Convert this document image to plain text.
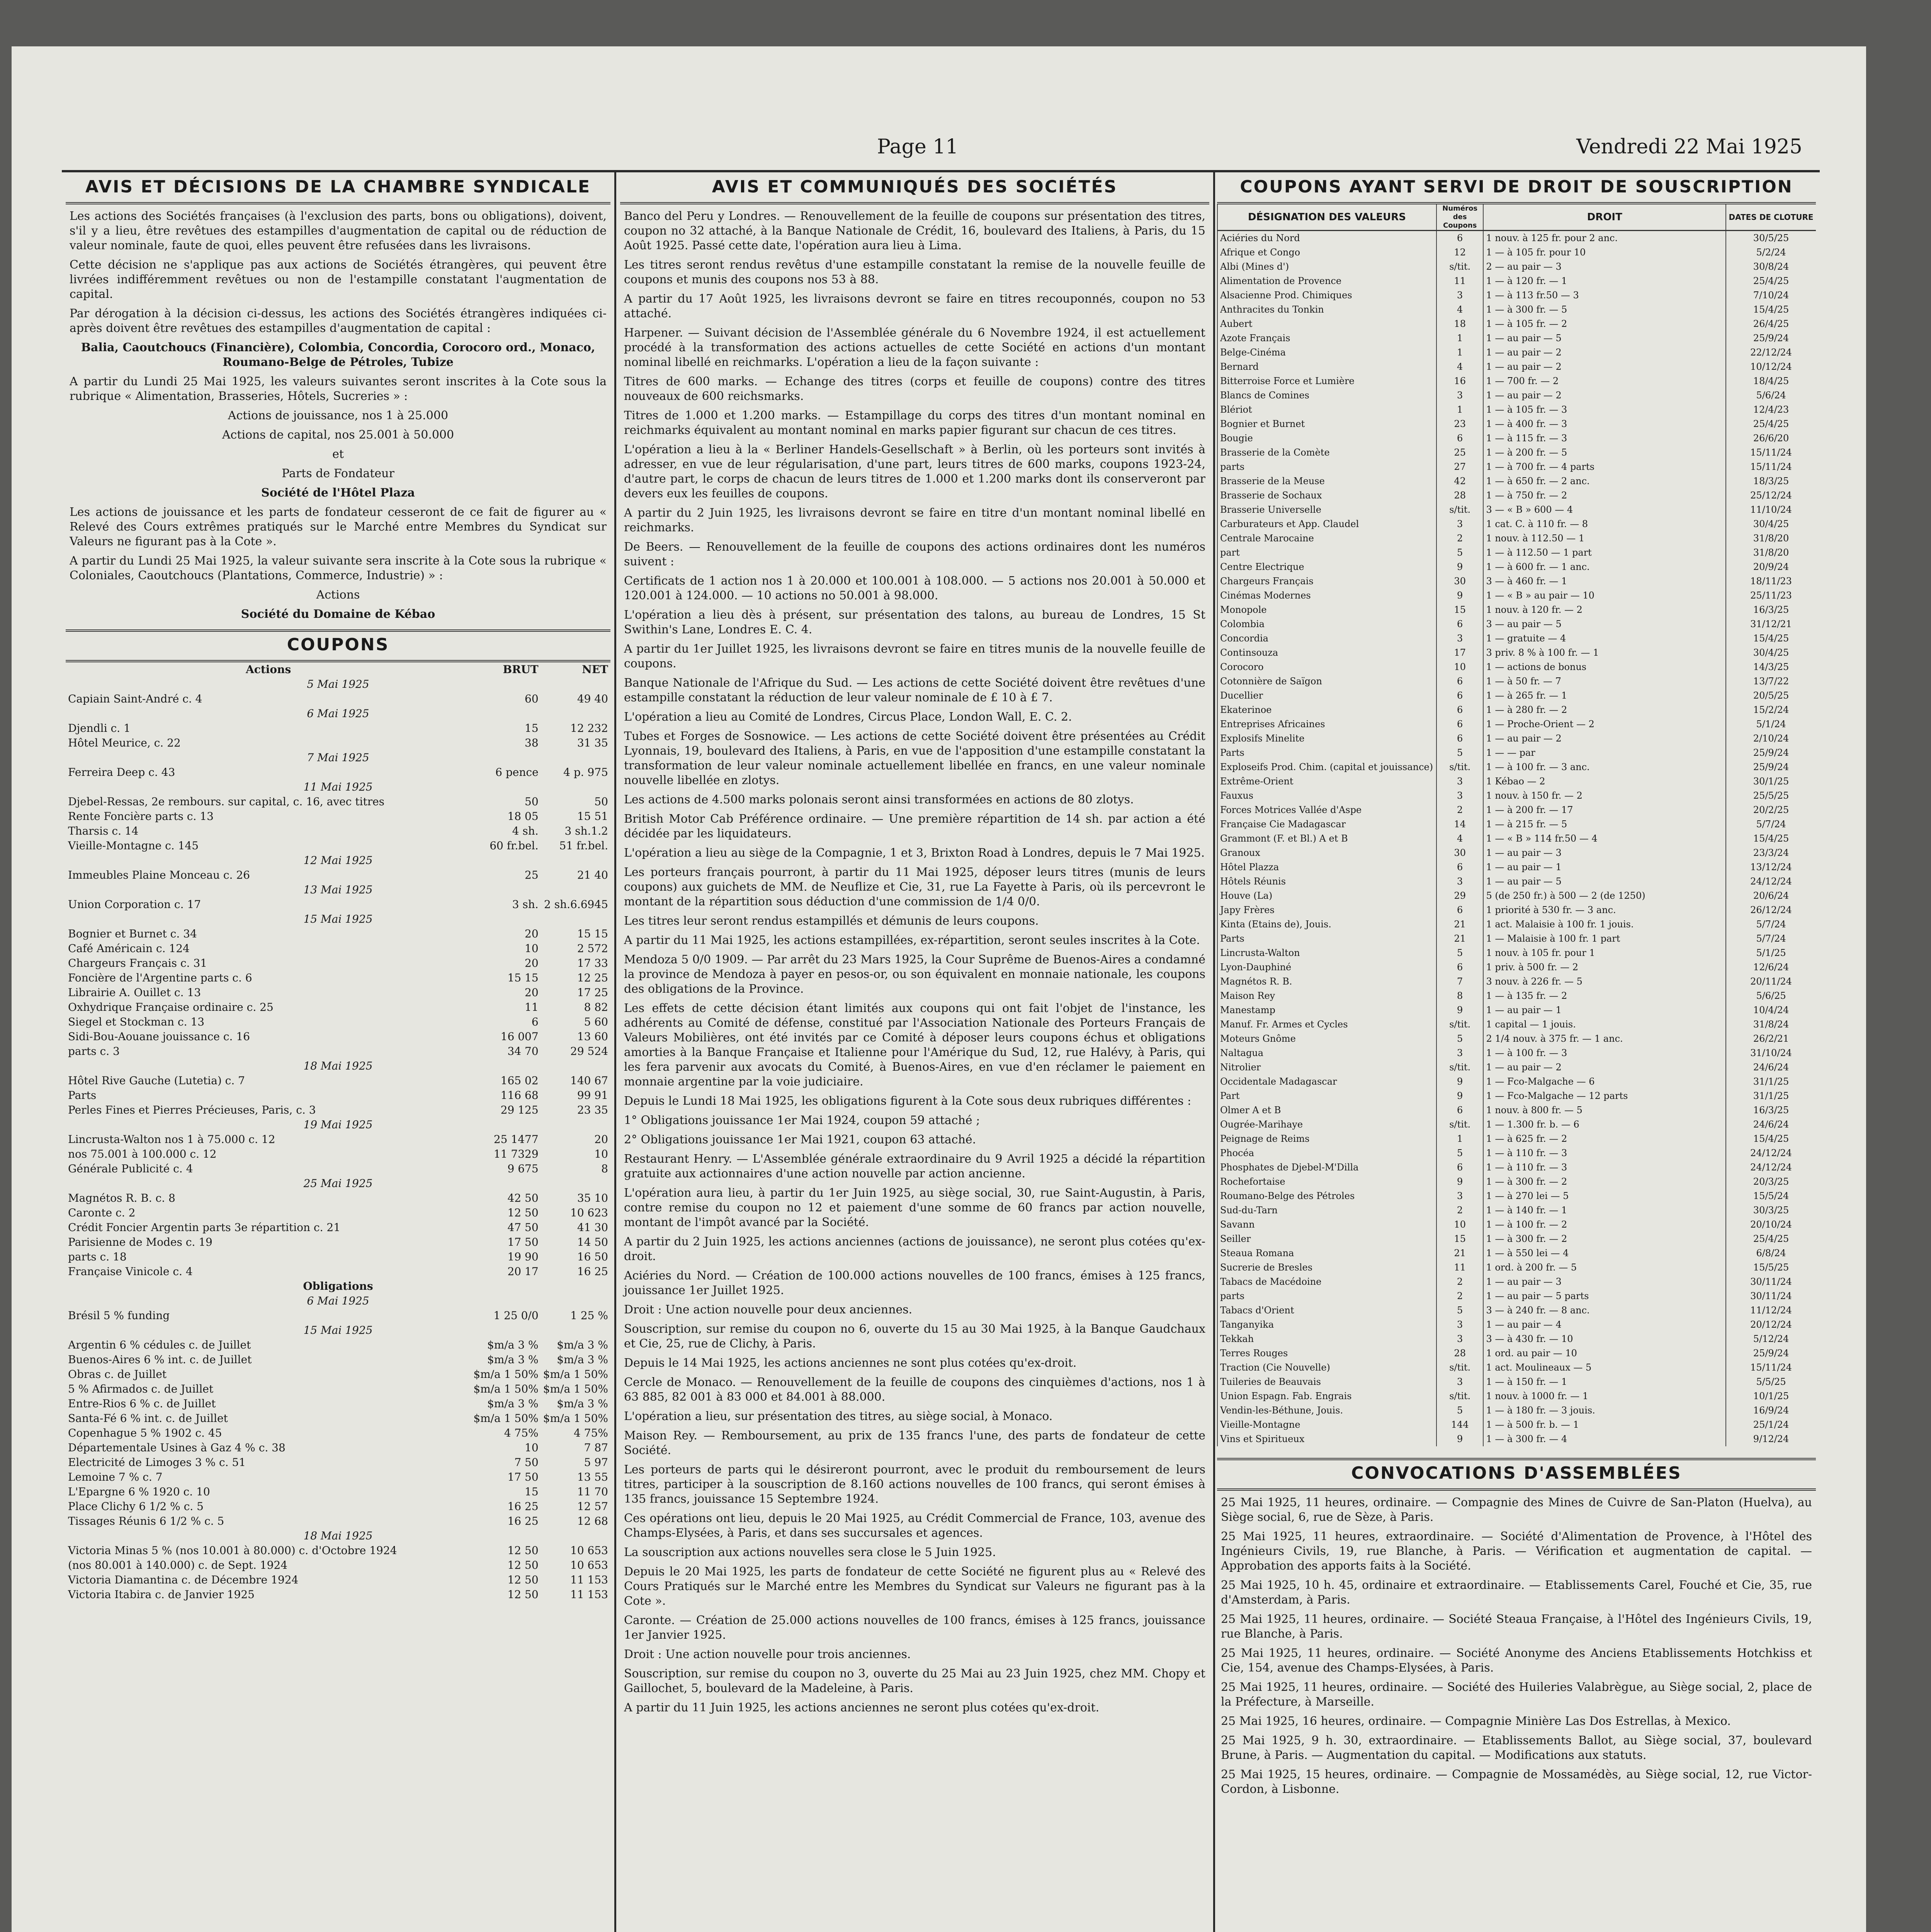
Page 11	Vendredi 22 Mai 1925
AVIS ET DÉCISIONS DE LA CHAMBRE SYNDICALE
Les actions des Sociétés françaises (à l'exclusion des parts, bons ou obligations), doivent, s'il y a lieu, être revêtues des estampilles d'augmentation de capital ou de réduction de valeur nominale, faute de quoi, elles peuvent être refusées dans les livraisons.
Cette décision ne s'applique pas aux actions de Sociétés étrangères, qui peuvent être livrées indifféremment revêtues ou non de l'estampille constatant l'augmentation de capital.
Par dérogation à la décision ci-dessus, les actions des Sociétés étrangères indiquées ci-après doivent être revêtues des estampilles d'augmentation de capital :
Balia, Caoutchoucs (Financière), Colombia, Concordia, Corocoro ord., Monaco, Roumano-Belge de Pétroles, Tubize
A partir du Lundi 25 Mai 1925, les valeurs suivantes seront inscrites à la Cote sous la rubrique « Alimentation, Brasseries, Hôtels, Sucreries » :
Actions de jouissance, nos 1 à 25.000
Actions de capital, nos 25.001 à 50.000
et
Parts de Fondateur
Société de l'Hôtel Plaza
Les actions de jouissance et les parts de fondateur cesseront de ce fait de figurer au « Relevé des Cours extrêmes pratiqués sur le Marché entre Membres du Syndicat sur Valeurs ne figurant pas à la Cote ».
A partir du Lundi 25 Mai 1925, la valeur suivante sera inscrite à la Cote sous la rubrique « Coloniales, Caoutchoucs (Plantations, Commerce, Industrie) » :
Actions
Société du Domaine de Kébao
COUPONS
Actions	BRUT	NET
5 Mai 1925		
Capiain Saint-André c. 4	60	49 40
6 Mai 1925		
Djendli c. 1	15	12 232
Hôtel Meurice, c. 22	38	31 35
7 Mai 1925		
Ferreira Deep c. 43	6 pence	4 p. 975
11 Mai 1925		
Djebel-Ressas, 2e rembours. sur capital, c. 16, avec titres	50	50
Rente Foncière parts c. 13	18 05	15 51
Tharsis c. 14	4 sh.	3 sh.1.2
Vieille-Montagne c. 145	60 fr.bel.	51 fr.bel.
12 Mai 1925		
Immeubles Plaine Monceau c. 26	25	21 40
13 Mai 1925		
Union Corporation c. 17	3 sh.	2 sh.6.6945
15 Mai 1925		
Bognier et Burnet c. 34	20	15 15
Café Américain c. 124	10	2 572
Chargeurs Français c. 31	20	17 33
Foncière de l'Argentine parts c. 6	15 15	12 25
Librairie A. Ouillet c. 13	20	17 25
Oxhydrique Française ordinaire c. 25	11	8 82
Siegel et Stockman c. 13	6	5 60
Sidi-Bou-Aouane jouissance c. 16	16 007	13 60
parts c. 3	34 70	29 524
18 Mai 1925		
Hôtel Rive Gauche (Lutetia) c. 7	165 02	140 67
Parts	116 68	99 91
Perles Fines et Pierres Précieuses, Paris, c. 3	29 125	23 35
19 Mai 1925		
Lincrusta-Walton nos 1 à 75.000 c. 12	25 1477	20
nos 75.001 à 100.000 c. 12	11 7329	10
Générale Publicité c. 4	9 675	8
25 Mai 1925		
Magnétos R. B. c. 8	42 50	35 10
Caronte c. 2	12 50	10 623
Crédit Foncier Argentin parts 3e répartition c. 21	47 50	41 30
Parisienne de Modes c. 19	17 50	14 50
parts c. 18	19 90	16 50
Française Vinicole c. 4	20 17	16 25
Obligations		
6 Mai 1925		
Brésil 5 % funding	1 25 0/0	1 25 %
15 Mai 1925		
Argentin 6 % cédules c. de Juillet	$m/a 3 %	$m/a 3 %
Buenos-Aires 6 % int. c. de Juillet	$m/a 3 %	$m/a 3 %
Obras c. de Juillet	$m/a 1 50%	$m/a 1 50%
5 % Afirmados c. de Juillet	$m/a 1 50%	$m/a 1 50%
Entre-Rios 6 % c. de Juillet	$m/a 3 %	$m/a 3 %
Santa-Fé 6 % int. c. de Juillet	$m/a 1 50%	$m/a 1 50%
Copenhague 5 % 1902 c. 45	4 75%	4 75%
Départementale Usines à Gaz 4 % c. 38	10	7 87
Electricité de Limoges 3 % c. 51	7 50	5 97
Lemoine 7 % c. 7	17 50	13 55
L'Epargne 6 % 1920 c. 10	15	11 70
Place Clichy 6 1/2 % c. 5	16 25	12 57
Tissages Réunis 6 1/2 % c. 5	16 25	12 68
18 Mai 1925		
Victoria Minas 5 % (nos 10.001 à 80.000) c. d'Octobre 1924	12 50	10 653
(nos 80.001 à 140.000) c. de Sept. 1924	12 50	10 653
Victoria Diamantina c. de Décembre 1924	12 50	11 153
Victoria Itabira c. de Janvier 1925	12 50	11 153
AVIS ET COMMUNIQUÉS DES SOCIÉTÉS
Banco del Peru y Londres. — Renouvellement de la feuille de coupons sur présentation des titres, coupon no 32 attaché, à la Banque Nationale de Crédit, 16, boulevard des Italiens, à Paris, du 15 Août 1925. Passé cette date, l'opération aura lieu à Lima.
Les titres seront rendus revêtus d'une estampille constatant la remise de la nouvelle feuille de coupons et munis des coupons nos 53 à 88.
A partir du 17 Août 1925, les livraisons devront se faire en titres recouponnés, coupon no 53 attaché.
Harpener. — Suivant décision de l'Assemblée générale du 6 Novembre 1924, il est actuellement procédé à la transformation des actions actuelles de cette Société en actions d'un montant nominal libellé en reichmarks. L'opération a lieu de la façon suivante :
Titres de 600 marks. — Echange des titres (corps et feuille de coupons) contre des titres nouveaux de 600 reichsmarks.
Titres de 1.000 et 1.200 marks. — Estampillage du corps des titres d'un montant nominal en reichmarks équivalent au montant nominal en marks papier figurant sur chacun de ces titres.
L'opération a lieu à la « Berliner Handels-Gesellschaft » à Berlin, où les porteurs sont invités à adresser, en vue de leur régularisation, d'une part, leurs titres de 600 marks, coupons 1923-24, d'autre part, le corps de chacun de leurs titres de 1.000 et 1.200 marks dont ils conserveront par devers eux les feuilles de coupons.
A partir du 2 Juin 1925, les livraisons devront se faire en titre d'un montant nominal libellé en reichmarks.
De Beers. — Renouvellement de la feuille de coupons des actions ordinaires dont les numéros suivent :
Certificats de 1 action nos 1 à 20.000 et 100.001 à 108.000. — 5 actions nos 20.001 à 50.000 et 120.001 à 124.000. — 10 actions no 50.001 à 98.000.
L'opération a lieu dès à présent, sur présentation des talons, au bureau de Londres, 15 St Swithin's Lane, Londres E. C. 4.
A partir du 1er Juillet 1925, les livraisons devront se faire en titres munis de la nouvelle feuille de coupons.
Banque Nationale de l'Afrique du Sud. — Les actions de cette Société doivent être revêtues d'une estampille constatant la réduction de leur valeur nominale de £ 10 à £ 7.
L'opération a lieu au Comité de Londres, Circus Place, London Wall, E. C. 2.
Tubes et Forges de Sosnowice. — Les actions de cette Société doivent être présentées au Crédit Lyonnais, 19, boulevard des Italiens, à Paris, en vue de l'apposition d'une estampille constatant la transformation de leur valeur nominale actuellement libellée en francs, en une valeur nominale nouvelle libellée en zlotys.
Les actions de 4.500 marks polonais seront ainsi transformées en actions de 80 zlotys.
British Motor Cab Préférence ordinaire. — Une première répartition de 14 sh. par action a été décidée par les liquidateurs.
L'opération a lieu au siège de la Compagnie, 1 et 3, Brixton Road à Londres, depuis le 7 Mai 1925.
Les porteurs français pourront, à partir du 11 Mai 1925, déposer leurs titres (munis de leurs coupons) aux guichets de MM. de Neuflize et Cie, 31, rue La Fayette à Paris, où ils percevront le montant de la répartition sous déduction d'une commission de 1/4 0/0.
Les titres leur seront rendus estampillés et démunis de leurs coupons.
A partir du 11 Mai 1925, les actions estampillées, ex-répartition, seront seules inscrites à la Cote.
Mendoza 5 0/0 1909. — Par arrêt du 23 Mars 1925, la Cour Suprême de Buenos-Aires a condamné la province de Mendoza à payer en pesos-or, ou son équivalent en monnaie nationale, les coupons des obligations de la Province.
Les effets de cette décision étant limités aux coupons qui ont fait l'objet de l'instance, les adhérents au Comité de défense, constitué par l'Association Nationale des Porteurs Français de Valeurs Mobilières, ont été invités par ce Comité à déposer leurs coupons échus et obligations amorties à la Banque Française et Italienne pour l'Amérique du Sud, 12, rue Halévy, à Paris, qui les fera parvenir aux avocats du Comité, à Buenos-Aires, en vue d'en réclamer le paiement en monnaie argentine par la voie judiciaire.
Depuis le Lundi 18 Mai 1925, les obligations figurent à la Cote sous deux rubriques différentes :
1° Obligations jouissance 1er Mai 1924, coupon 59 attaché ;
2° Obligations jouissance 1er Mai 1921, coupon 63 attaché.
Restaurant Henry. — L'Assemblée générale extraordinaire du 9 Avril 1925 a décidé la répartition gratuite aux actionnaires d'une action nouvelle par action ancienne.
L'opération aura lieu, à partir du 1er Juin 1925, au siège social, 30, rue Saint-Augustin, à Paris, contre remise du coupon no 12 et paiement d'une somme de 60 francs par action nouvelle, montant de l'impôt avancé par la Société.
A partir du 2 Juin 1925, les actions anciennes (actions de jouissance), ne seront plus cotées qu'ex-droit.
Aciéries du Nord. — Création de 100.000 actions nouvelles de 100 francs, émises à 125 francs, jouissance 1er Juillet 1925.
Droit : Une action nouvelle pour deux anciennes.
Souscription, sur remise du coupon no 6, ouverte du 15 au 30 Mai 1925, à la Banque Gaudchaux et Cie, 25, rue de Clichy, à Paris.
Depuis le 14 Mai 1925, les actions anciennes ne sont plus cotées qu'ex-droit.
Cercle de Monaco. — Renouvellement de la feuille de coupons des cinquièmes d'actions, nos 1 à 63 885, 82 001 à 83 000 et 84.001 à 88.000.
L'opération a lieu, sur présentation des titres, au siège social, à Monaco.
Maison Rey. — Remboursement, au prix de 135 francs l'une, des parts de fondateur de cette Société.
Les porteurs de parts qui le désireront pourront, avec le produit du remboursement de leurs titres, participer à la souscription de 8.160 actions nouvelles de 100 francs, qui seront émises à 135 francs, jouissance 15 Septembre 1924.
Ces opérations ont lieu, depuis le 20 Mai 1925, au Crédit Commercial de France, 103, avenue des Champs-Elysées, à Paris, et dans ses succursales et agences.
La souscription aux actions nouvelles sera close le 5 Juin 1925.
Depuis le 20 Mai 1925, les parts de fondateur de cette Société ne figurent plus au « Relevé des Cours Pratiqués sur le Marché entre les Membres du Syndicat sur Valeurs ne figurant pas à la Cote ».
Caronte. — Création de 25.000 actions nouvelles de 100 francs, émises à 125 francs, jouissance 1er Janvier 1925.
Droit : Une action nouvelle pour trois anciennes.
Souscription, sur remise du coupon no 3, ouverte du 25 Mai au 23 Juin 1925, chez MM. Chopy et Gaillochet, 5, boulevard de la Madeleine, à Paris.
A partir du 11 Juin 1925, les actions anciennes ne seront plus cotées qu'ex-droit.
COUPONS AYANT SERVI DE DROIT DE SOUSCRIPTION
DÉSIGNATION DES VALEURS	Numéros des Coupons	DROIT	DATES DE CLOTURE
Aciéries du Nord	6	1 nouv. à 125 fr. pour 2 anc.	30/5/25
Afrique et Congo	12	1 — à 105 fr. pour 10	5/2/24
Albi (Mines d')	s/tit.	2 — au pair — 3	30/8/24
Alimentation de Provence	11	1 — à 120 fr. — 1	25/4/25
Alsacienne Prod. Chimiques	3	1 — à 113 fr.50 — 3	7/10/24
Anthracites du Tonkin	4	1 — à 300 fr. — 5	15/4/25
Aubert	18	1 — à 105 fr. — 2	26/4/25
Azote Français	1	1 — au pair — 5	25/9/24
Belge-Cinéma	1	1 — au pair — 2	22/12/24
Bernard	4	1 — au pair — 2	10/12/24
Bitterroise Force et Lumière	16	1 — 700 fr. — 2	18/4/25
Blancs de Comines	3	1 — au pair — 2	5/6/24
Blériot	1	1 — à 105 fr. — 3	12/4/23
Bognier et Burnet	23	1 — à 400 fr. — 3	25/4/25
Bougie	6	1 — à 115 fr. — 3	26/6/20
Brasserie de la Comète	25	1 — à 200 fr. — 5	15/11/24
parts	27	1 — à 700 fr. — 4 parts	15/11/24
Brasserie de la Meuse	42	1 — à 650 fr. — 2 anc.	18/3/25
Brasserie de Sochaux	28	1 — à 750 fr. — 2	25/12/24
Brasserie Universelle	s/tit.	3 — « B » 600 — 4	11/10/24
Carburateurs et App. Claudel	3	1 cat. C. à 110 fr. — 8	30/4/25
Centrale Marocaine	2	1 nouv. à 112.50 — 1	31/8/20
part	5	1 — à 112.50 — 1 part	31/8/20
Centre Electrique	9	1 — à 600 fr. — 1 anc.	20/9/24
Chargeurs Français	30	3 — à 460 fr. — 1	18/11/23
Cinémas Modernes	9	1 — « B » au pair — 10	25/11/23
Monopole	15	1 nouv. à 120 fr. — 2	16/3/25
Colombia	6	3 — au pair — 5	31/12/21
Concordia	3	1 — gratuite — 4	15/4/25
Continsouza	17	3 priv. 8 % à 100 fr. — 1	30/4/25
Corocoro	10	1 — actions de bonus	14/3/25
Cotonnière de Saïgon	6	1 — à 50 fr. — 7	13/7/22
Ducellier	6	1 — à 265 fr. — 1	20/5/25
Ekaterinoe	6	1 — à 280 fr. — 2	15/2/24
Entreprises Africaines	6	1 — Proche-Orient — 2	5/1/24
Explosifs Minelite	6	1 — au pair — 2	2/10/24
Parts	5	1 — — par	25/9/24
Exploseifs Prod. Chim. (capital et jouissance)	s/tit.	1 — à 100 fr. — 3 anc.	25/9/24
Extrême-Orient	3	1 Kébao — 2	30/1/25
Fauxus	3	1 nouv. à 150 fr. — 2	25/5/25
Forces Motrices Vallée d'Aspe	2	1 — à 200 fr. — 17	20/2/25
Française Cie Madagascar	14	1 — à 215 fr. — 5	5/7/24
Grammont (F. et Bl.) A et B	4	1 — « B » 114 fr.50 — 4	15/4/25
Granoux	30	1 — au pair — 3	23/3/24
Hôtel Plazza	6	1 — au pair — 1	13/12/24
Hôtels Réunis	3	1 — au pair — 5	24/12/24
Houve (La)	29	5 (de 250 fr.) à 500 — 2 (de 1250)	20/6/24
Japy Frères	6	1 priorité à 530 fr. — 3 anc.	26/12/24
Kinta (Etains de), Jouis.	21	1 act. Malaisie à 100 fr. 1 jouis.	5/7/24
Parts	21	1 — Malaisie à 100 fr. 1 part	5/7/24
Lincrusta-Walton	5	1 nouv. à 105 fr. pour 1	5/1/25
Lyon-Dauphiné	6	1 priv. à 500 fr. — 2	12/6/24
Magnétos R. B.	7	3 nouv. à 226 fr. — 5	20/11/24
Maison Rey	8	1 — à 135 fr. — 2	5/6/25
Manestamp	9	1 — au pair — 1	10/4/24
Manuf. Fr. Armes et Cycles	s/tit.	1 capital — 1 jouis.	31/8/24
Moteurs Gnôme	5	2 1/4 nouv. à 375 fr. — 1 anc.	26/2/21
Naltagua	3	1 — à 100 fr. — 3	31/10/24
Nitrolier	s/tit.	1 — au pair — 2	24/6/24
Occidentale Madagascar	9	1 — Fco-Malgache — 6	31/1/25
Part	9	1 — Fco-Malgache — 12 parts	31/1/25
Olmer A et B	6	1 nouv. à 800 fr. — 5	16/3/25
Ougrée-Marihaye	s/tit.	1 — 1.300 fr. b. — 6	24/6/24
Peignage de Reims	1	1 — à 625 fr. — 2	15/4/25
Phocéa	5	1 — à 110 fr. — 3	24/12/24
Phosphates de Djebel-M'Dilla	6	1 — à 110 fr. — 3	24/12/24
Rochefortaise	9	1 — à 300 fr. — 2	20/3/25
Roumano-Belge des Pétroles	3	1 — à 270 lei — 5	15/5/24
Sud-du-Tarn	2	1 — à 140 fr. — 1	30/3/25
Savann	10	1 — à 100 fr. — 2	20/10/24
Seiller	15	1 — à 300 fr. — 2	25/4/25
Steaua Romana	21	1 — à 550 lei — 4	6/8/24
Sucrerie de Bresles	11	1 ord. à 200 fr. — 5	15/5/25
Tabacs de Macédoine	2	1 — au pair — 3	30/11/24
parts	2	1 — au pair — 5 parts	30/11/24
Tabacs d'Orient	5	3 — à 240 fr. — 8 anc.	11/12/24
Tanganyika	3	1 — au pair — 4	20/12/24
Tekkah	3	3 — à 430 fr. — 10	5/12/24
Terres Rouges	28	1 ord. au pair — 10	25/9/24
Traction (Cie Nouvelle)	s/tit.	1 act. Moulineaux — 5	15/11/24
Tuileries de Beauvais	3	1 — à 150 fr. — 1	5/5/25
Union Espagn. Fab. Engrais	s/tit.	1 nouv. à 1000 fr. — 1	10/1/25
Vendin-les-Béthune, Jouis.	5	1 — à 180 fr. — 3 jouis.	16/9/24
Vieille-Montagne	144	1 — à 500 fr. b. — 1	25/1/24
Vins et Spiritueux	9	1 — à 300 fr. — 4	9/12/24
CONVOCATIONS D'ASSEMBLÉES
25 Mai 1925, 11 heures, ordinaire. — Compagnie des Mines de Cuivre de San-Platon (Huelva), au Siège social, 6, rue de Sèze, à Paris.
25 Mai 1925, 11 heures, extraordinaire. — Société d'Alimentation de Provence, à l'Hôtel des Ingénieurs Civils, 19, rue Blanche, à Paris. — Vérification et augmentation de capital. — Approbation des apports faits à la Société.
25 Mai 1925, 10 h. 45, ordinaire et extraordinaire. — Etablissements Carel, Fouché et Cie, 35, rue d'Amsterdam, à Paris.
25 Mai 1925, 11 heures, ordinaire. — Société Steaua Française, à l'Hôtel des Ingénieurs Civils, 19, rue Blanche, à Paris.
25 Mai 1925, 11 heures, ordinaire. — Société Anonyme des Anciens Etablissements Hotchkiss et Cie, 154, avenue des Champs-Elysées, à Paris.
25 Mai 1925, 11 heures, ordinaire. — Société des Huileries Valabrègue, au Siège social, 2, place de la Préfecture, à Marseille.
25 Mai 1925, 16 heures, ordinaire. — Compagnie Minière Las Dos Estrellas, à Mexico.
25 Mai 1925, 9 h. 30, extraordinaire. — Etablissements Ballot, au Siège social, 37, boulevard Brune, à Paris. — Augmentation du capital. — Modifications aux statuts.
25 Mai 1925, 15 heures, ordinaire. — Compagnie de Mossamédès, au Siège social, 12, rue Victor-Cordon, à Lisbonne.
